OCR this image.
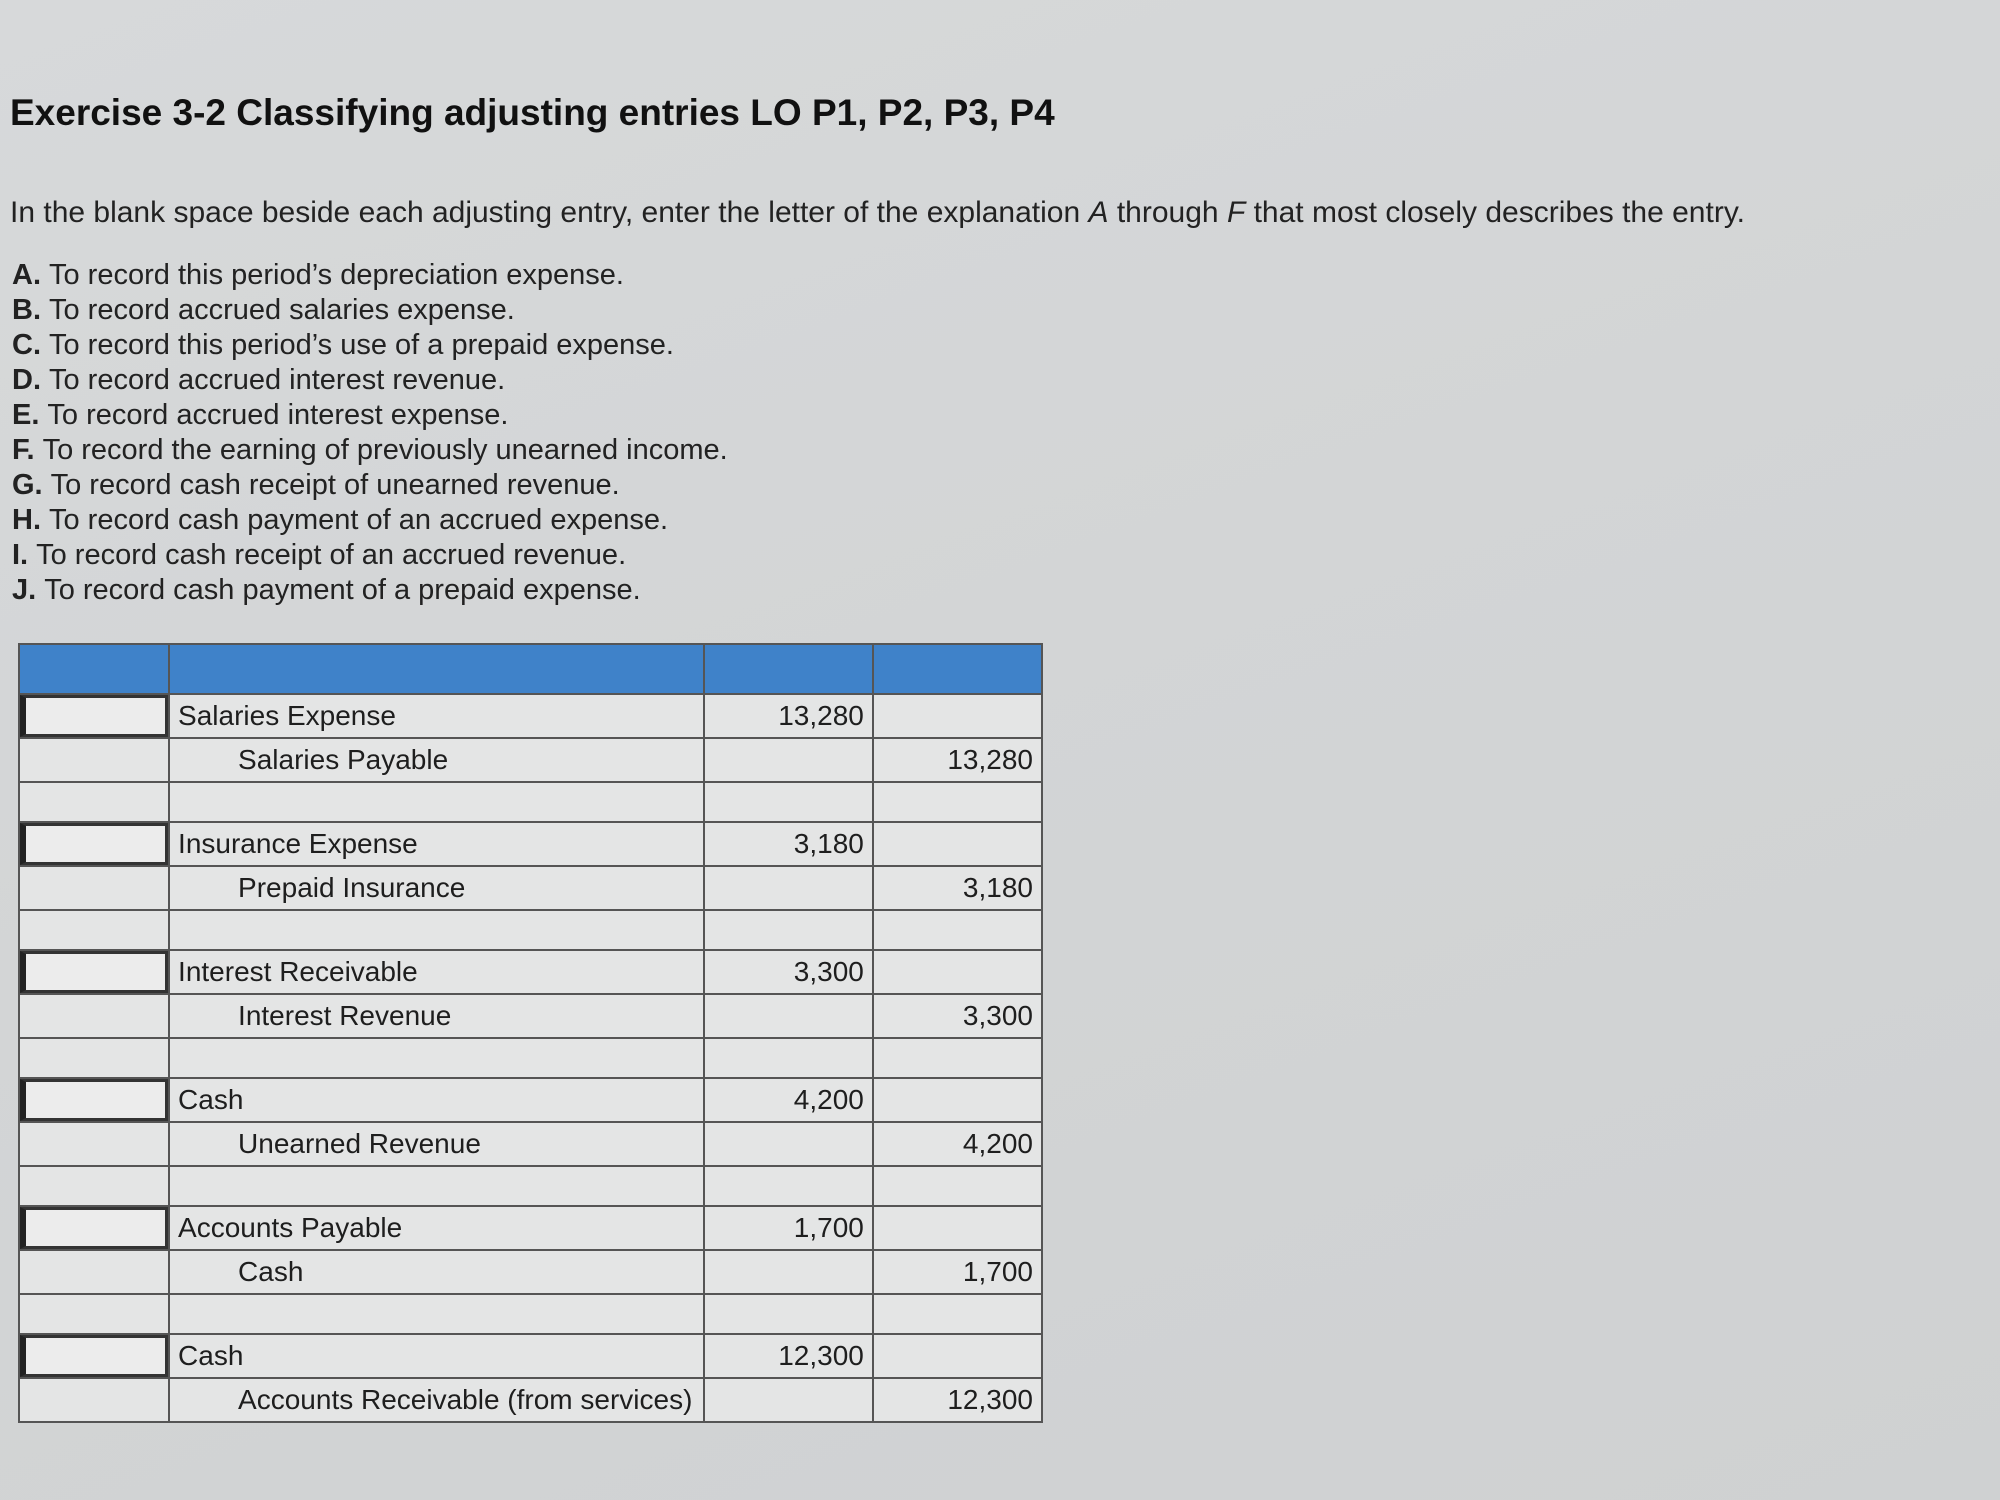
Exercise 3-2 Classifying adjusting entries LO P1, P2, P3, P4
In the blank space beside each adjusting entry, enter the letter of the explanation A through F that most closely describes the entry.
A. To record this period’s depreciation expense.
B. To record accrued salaries expense.
C. To record this period’s use of a prepaid expense.
D. To record accrued interest revenue.
E. To record accrued interest expense.
F. To record the earning of previously unearned income.
G. To record cash receipt of unearned revenue.
H. To record cash payment of an accrued expense.
I. To record cash receipt of an accrued revenue.
J. To record cash payment of a prepaid expense.

	Salaries Expense	13,280	
	Salaries Payable		13,280

	Insurance Expense	3,180	
	Prepaid Insurance		3,180

	Interest Receivable	3,300	
	Interest Revenue		3,300

	Cash	4,200	
	Unearned Revenue		4,200

	Accounts Payable	1,700	
	Cash		1,700

	Cash	12,300	
	Accounts Receivable (from services)		12,300
